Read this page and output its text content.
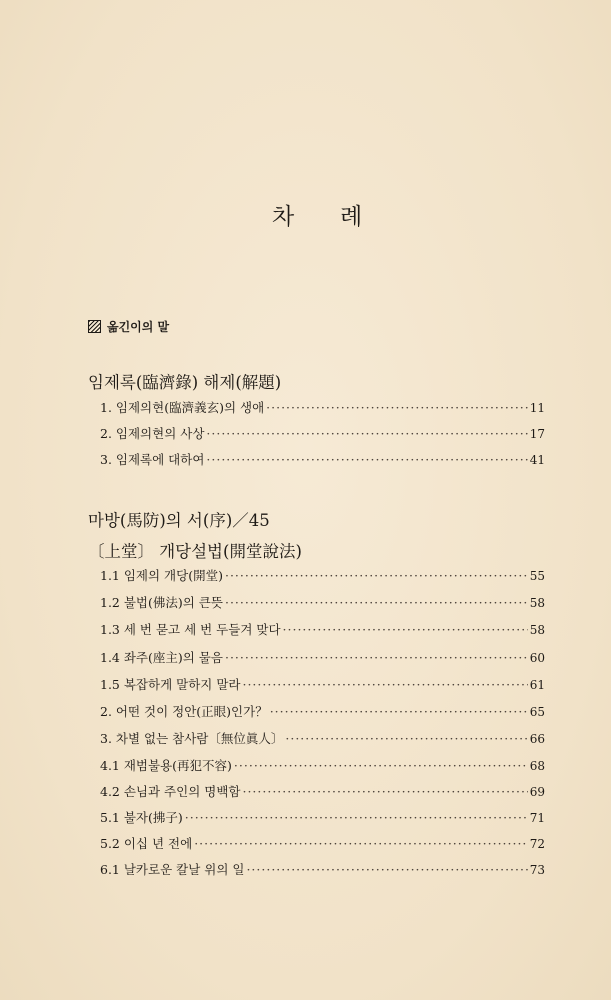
차 례
옮긴이의 말
임제록(臨濟錄) 해제(解題)
1. 임제의현(臨濟義玄)의 생애 ·····	11
2. 임제의현의 사상 ·····	17
3. 임제록에 대하여 ·····	41
마방(馬防)의 서(序)／45
〔上堂〕 개당설법(開堂說法)
1.1 임제의 개당(開堂) ·····	55
1.2 불법(佛法)의 큰뜻 ·····	58
1.3 세 번 묻고 세 번 두들겨 맞다 ·····	58
1.4 좌주(座主)의 물음 ·····	60
1.5 복잡하게 말하지 말라 ·····	61
2. 어떤 것이 정안(正眼)인가？ ·····	65
3. 차별 없는 참사람〔無位眞人〕 ·····	66
4.1 재범불용(再犯不容) ·····	68
4.2 손님과 주인의 명백함 ·····	69
5.1 불자(拂子) ·····	71
5.2 이십 년 전에 ·····	72
6.1 날카로운 칼날 위의 일 ·····	73
